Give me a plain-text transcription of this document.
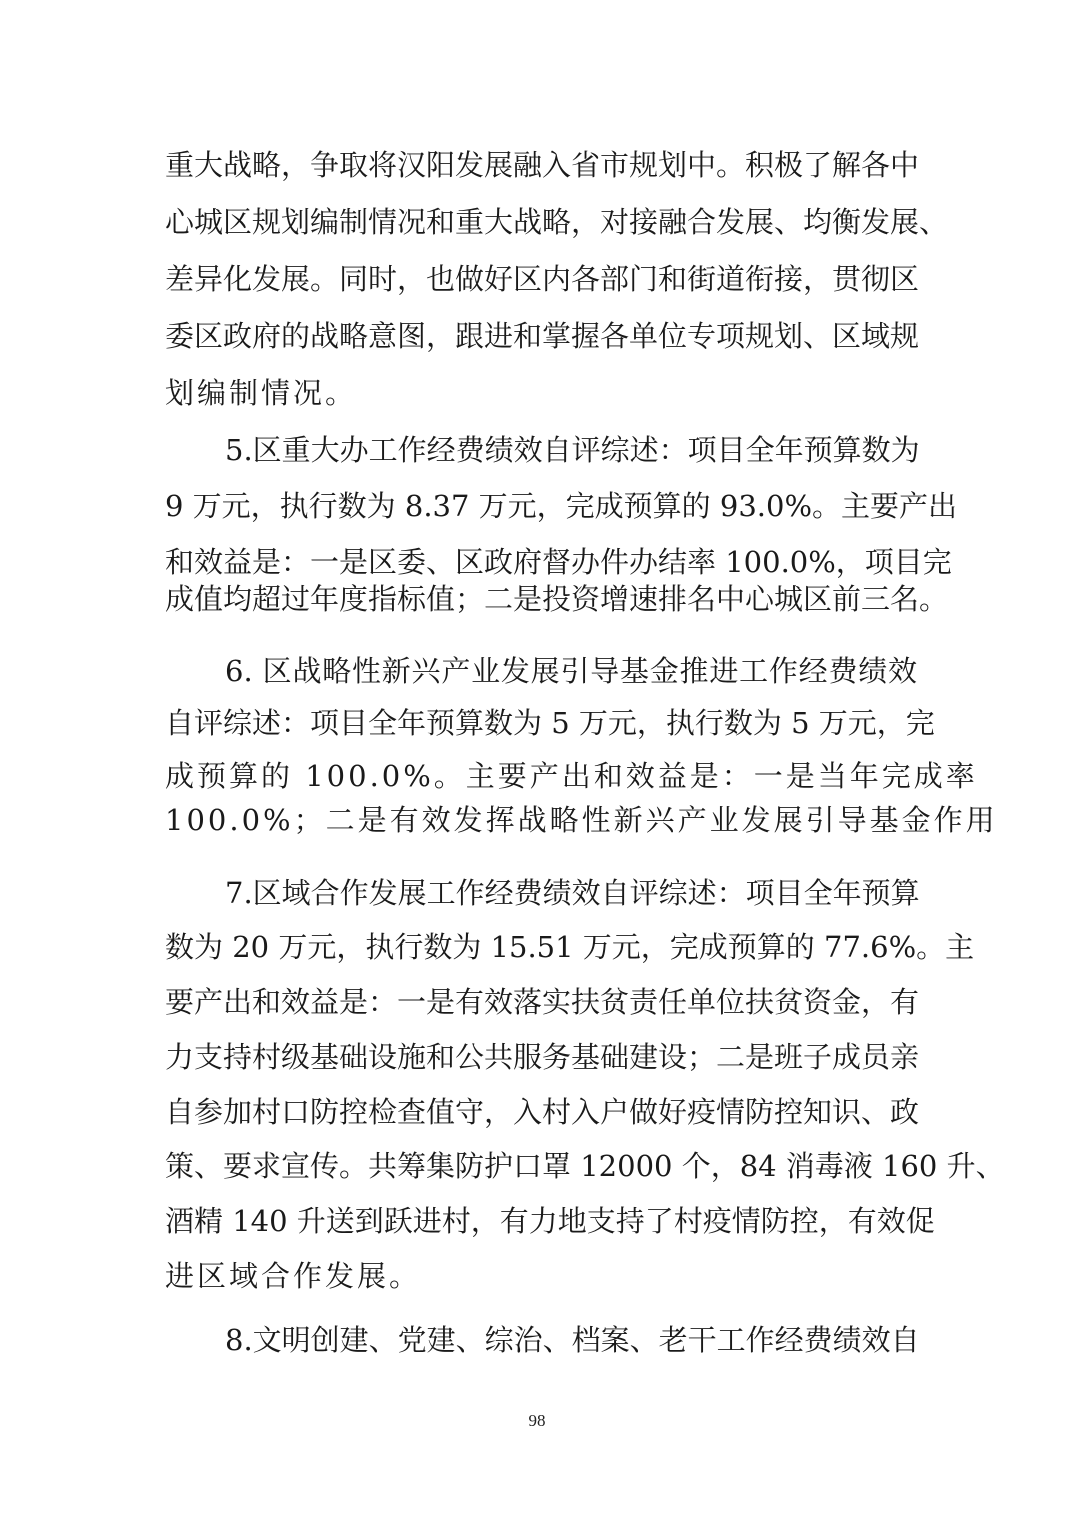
重大战略，争取将汉阳发展融入省市规划中。积极了解各中
心城区规划编制情况和重大战略，对接融合发展、均衡发展、
差异化发展。同时，也做好区内各部门和街道衔接，贯彻区
委区政府的战略意图，跟进和掌握各单位专项规划、区域规
划编制情况。
5.区重大办工作经费绩效自评综述：项目全年预算数为
9 万元，执行数为 8.37 万元，完成预算的 93.0%。主要产出
和效益是：一是区委、区政府督办件办结率 100.0%，项目完
成值均超过年度指标值；二是投资增速排名中心城区前三名。
6. 区战略性新兴产业发展引导基金推进工作经费绩效
自评综述：项目全年预算数为 5 万元，执行数为 5 万元，完
成预算的 100.0%。主要产出和效益是：一是当年完成率
100.0%；二是有效发挥战略性新兴产业发展引导基金作用
7.区域合作发展工作经费绩效自评综述：项目全年预算
数为 20 万元，执行数为 15.51 万元，完成预算的 77.6%。主
要产出和效益是：一是有效落实扶贫责任单位扶贫资金，有
力支持村级基础设施和公共服务基础建设；二是班子成员亲
自参加村口防控检查值守，入村入户做好疫情防控知识、政
策、要求宣传。共筹集防护口罩 12000 个，84 消毒液 160 升、
酒精 140 升送到跃进村，有力地支持了村疫情防控，有效促
进区域合作发展。
8.文明创建、党建、综治、档案、老干工作经费绩效自
98
